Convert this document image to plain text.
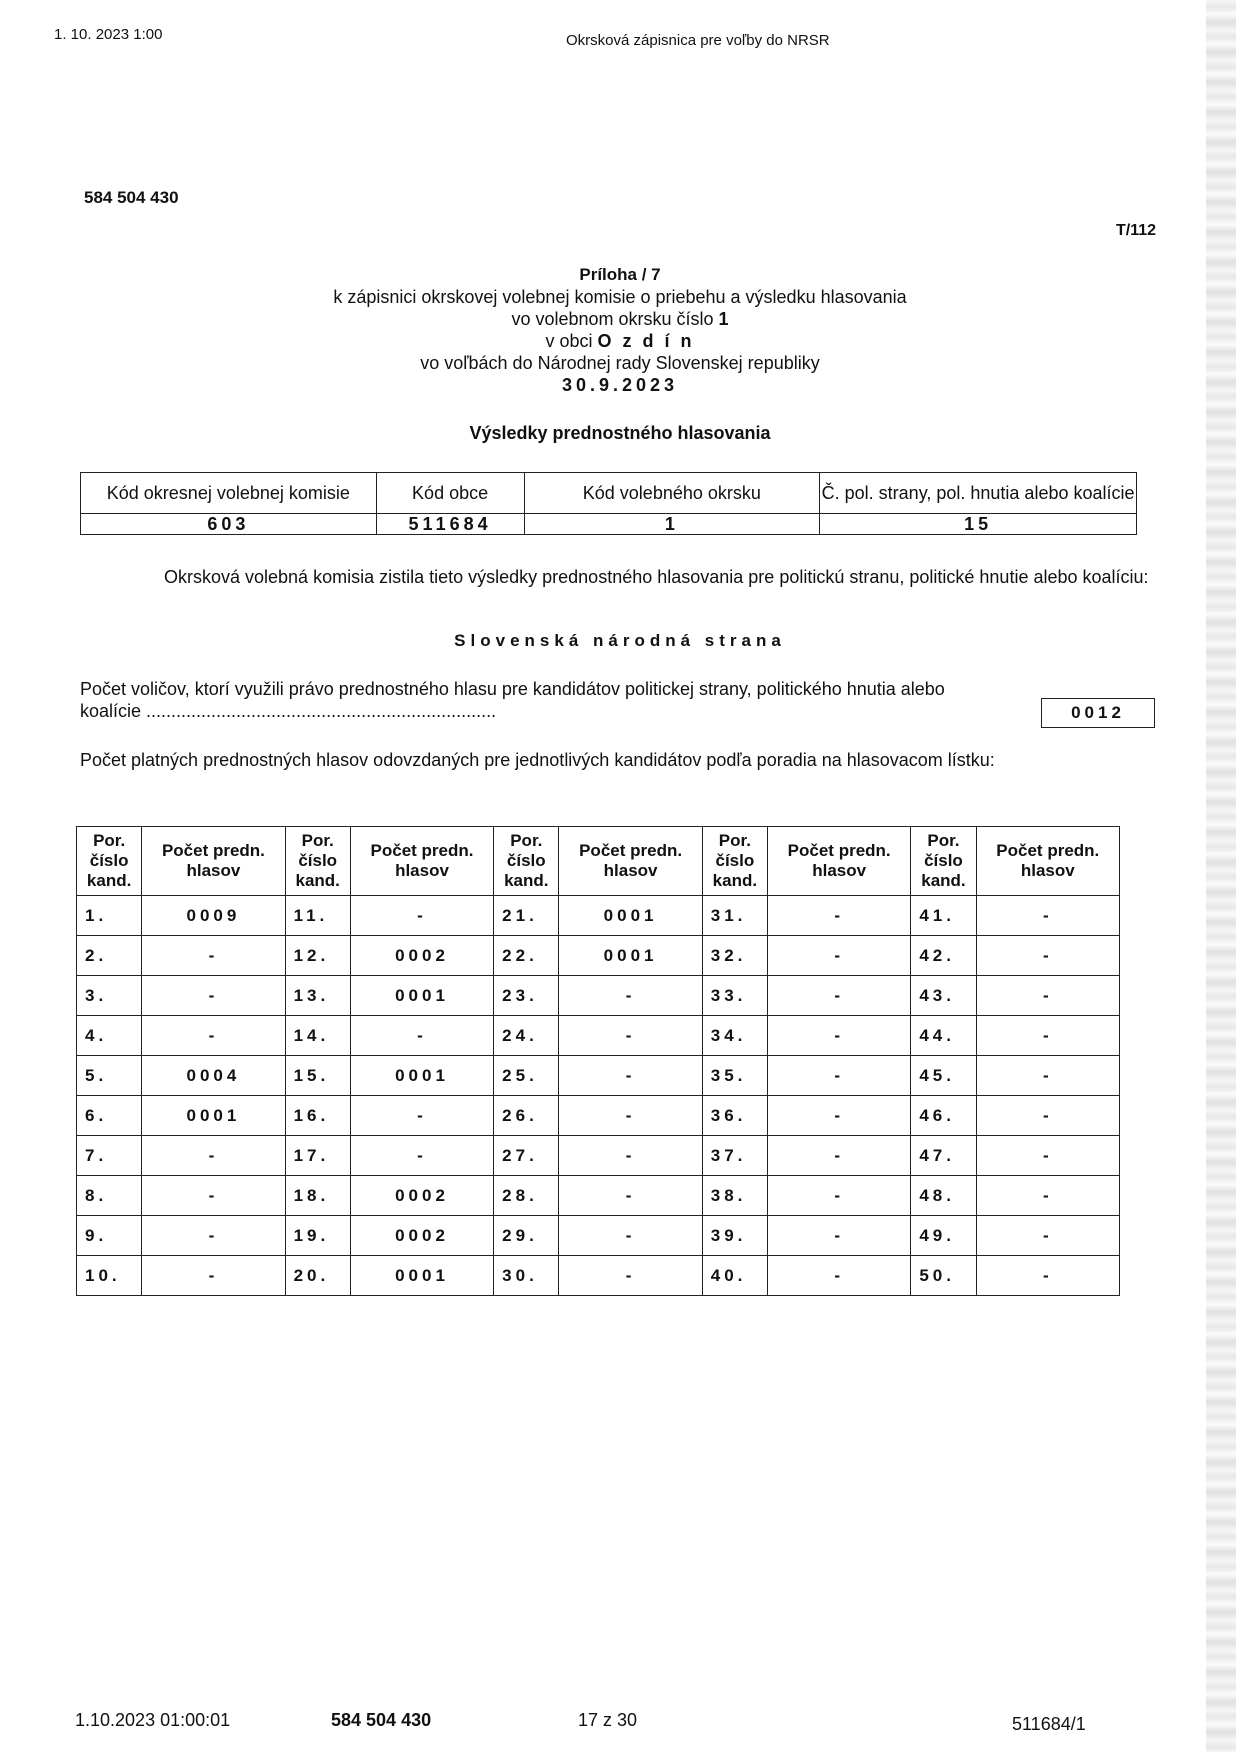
1. 10. 2023 1:00	Okrsková zápisnica pre voľby do NRSR
584 504 430
T/112
Príloha / 7
k zápisnici okrskovej volebnej komisie o priebehu a výsledku hlasovania
vo volebnom okrsku číslo 1
v obci O z d í n
vo voľbách do Národnej rady Slovenskej republiky
30.9.2023
Výsledky prednostného hlasovania
Kód okresnej volebnej komisie	Kód obce	Kód volebného okrsku	Č. pol. strany, pol. hnutia alebo koalície
603	511684	1	15
Okrsková volebná komisia zistila tieto výsledky prednostného hlasovania pre politickú stranu, politické hnutie alebo koalíciu:
Slovenská národná strana
Počet voličov, ktorí využili právo prednostného hlasu pre kandidátov politickej strany, politického hnutia alebo koalície ......................................................................	0012
Počet platných prednostných hlasov odovzdaných pre jednotlivých kandidátov podľa poradia na hlasovacom lístku:
Por. číslo kand.	Počet predn. hlasov	Por. číslo kand.	Počet predn. hlasov	Por. číslo kand.	Počet predn. hlasov	Por. číslo kand.	Počet predn. hlasov	Por. číslo kand.	Počet predn. hlasov
1.	0009	11.	-	21.	0001	31.	-	41.	-
2.	-	12.	0002	22.	0001	32.	-	42.	-
3.	-	13.	0001	23.	-	33.	-	43.	-
4.	-	14.	-	24.	-	34.	-	44.	-
5.	0004	15.	0001	25.	-	35.	-	45.	-
6.	0001	16.	-	26.	-	36.	-	46.	-
7.	-	17.	-	27.	-	37.	-	47.	-
8.	-	18.	0002	28.	-	38.	-	48.	-
9.	-	19.	0002	29.	-	39.	-	49.	-
10.	-	20.	0001	30.	-	40.	-	50.	-
1.10.2023 01:00:01	584 504 430	17 z 30	511684/1
